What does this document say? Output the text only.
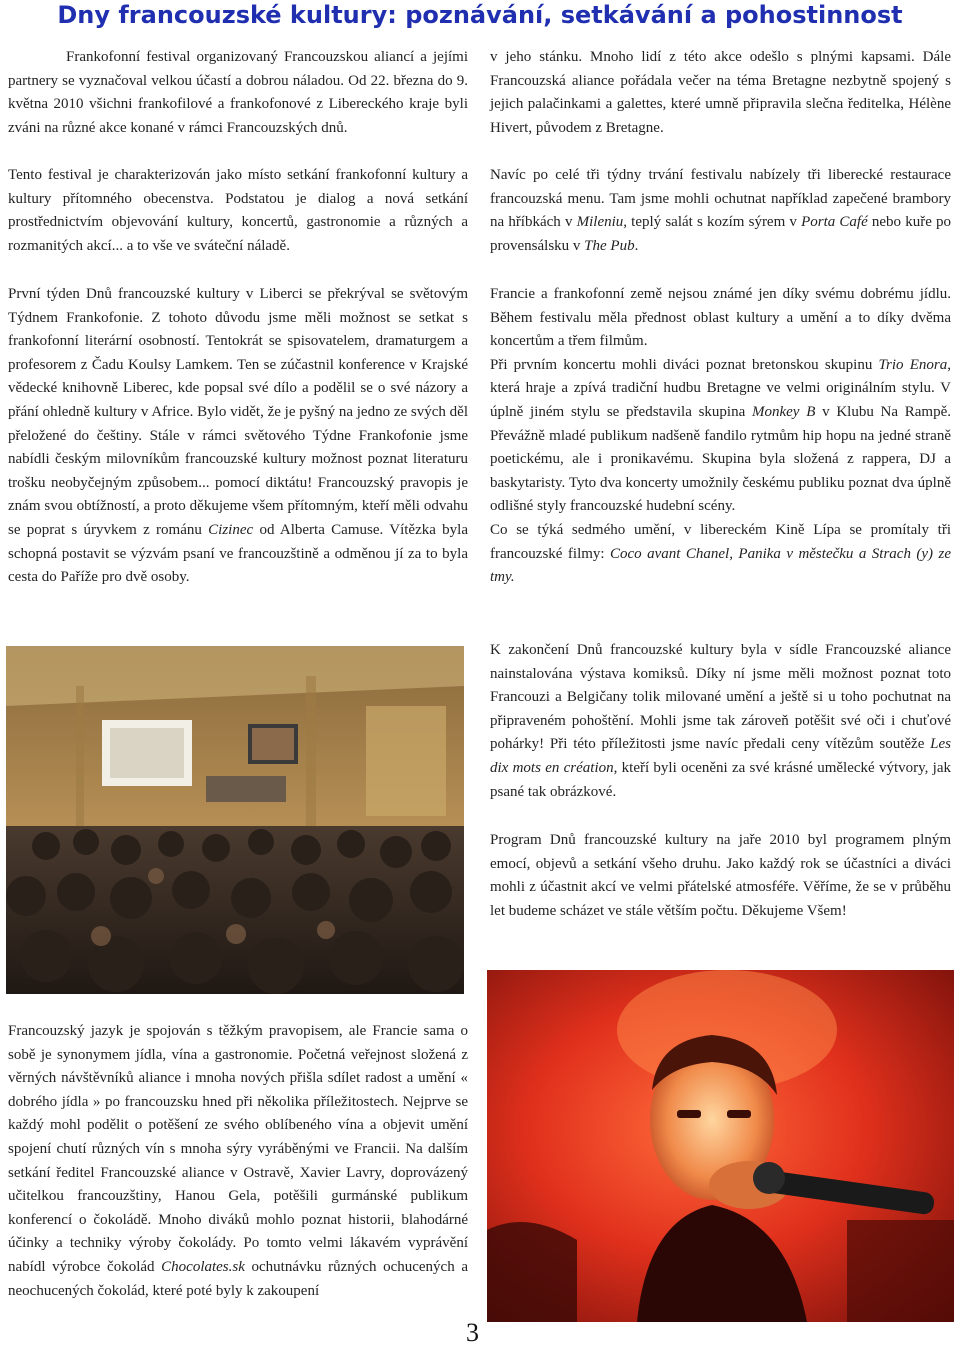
Dny francouzské kultury: poznávání, setkávání a pohostinnost

Frankofonní festival organizovaný Francouzskou aliancí a jejími partnery se vyznačoval velkou účastí a dobrou náladou. Od 22. března do 9. května 2010 všichni frankofilové a frankofonové z Libereckého kraje byli zváni na různé akce konané v rámci Francouzských dnů.

Tento festival je charakterizován jako místo setkání frankofonní kultury a kultury přítomného obecenstva. Podstatou je dialog a nová setkání prostřednictvím objevování kultury, koncertů, gastronomie a různých a rozmanitých akcí... a to vše ve sváteční náladě.

První týden Dnů francouzské kultury v Liberci se překrýval se světovým Týdnem Frankofonie. Z tohoto důvodu jsme měli možnost se setkat s frankofonní literární osobností. Tentokrát se spisovatelem, dramaturgem a profesorem z Čadu Koulsy Lamkem. Ten se zúčastnil konference v Krajské vědecké knihovně Liberec, kde popsal své dílo a podělil se o své názory a přání ohledně kultury v Africe. Bylo vidět, že je pyšný na jedno ze svých děl přeložené do češtiny. Stále v rámci světového Týdne Frankofonie jsme nabídli českým milovníkům francouzské kultury možnost poznat literaturu trošku neobyčejným způsobem... pomocí diktátu! Francouzský pravopis je znám svou obtížností, a proto děkujeme všem přítomným, kteří měli odvahu se poprat s úryvkem z románu Cizinec od Alberta Camuse. Vítězka byla schopná postavit se výzvám psaní ve francouzštině a odměnou jí za to byla cesta do Paříže pro dvě osoby.

Francouzský jazyk je spojován s těžkým pravopisem, ale Francie sama o sobě je synonymem jídla, vína a gastronomie. Početná veřejnost složená z věrných návštěvníků aliance i mnoha nových přišla sdílet radost a umění « dobrého jídla » po francouzsku hned při několika příležitostech. Nejprve se každý mohl podělit o potěšení ze svého oblíbeného vína a objevit umění spojení chutí různých vín s mnoha sýry vyráběnými ve Francii. Na dalším setkání ředitel Francouzské aliance v Ostravě, Xavier Lavry, doprovázený učitelkou francouzštiny, Hanou Gela, potěšili gurmánské publikum konferencí o čokoládě. Mnoho diváků mohlo poznat historii, blahodárné účinky a techniky výroby čokolády. Po tomto velmi lákavém vyprávění nabídl výrobce čokolád Chocolates.sk ochutnávku různých ochucených a neochucených čokolád, které poté byly k zakoupení

v jeho stánku. Mnoho lidí z této akce odešlo s plnými kapsami. Dále Francouzská aliance pořádala večer na téma Bretagne nezbytně spojený s jejich palačinkami a galettes, které umně připravila slečna ředitelka, Hélène Hivert, původem z Bretagne.

Navíc po celé tři týdny trvání festivalu nabízely tři liberecké restaurace francouzská menu. Tam jsme mohli ochutnat například zapečené brambory na hříbkách v Mileniu, teplý salát s kozím sýrem v Porta Café nebo kuře po provensálsku v The Pub.

Francie a frankofonní země nejsou známé jen díky svému dobrému jídlu. Během festivalu měla přednost oblast kultury a umění a to díky dvěma koncertům a třem filmům.
Při prvním koncertu mohli diváci poznat bretonskou skupinu Trio Enora, která hraje a zpívá tradiční hudbu Bretagne ve velmi originálním stylu. V úplně jiném stylu se představila skupina Monkey B v Klubu Na Rampě. Převážně mladé publikum nadšeně fandilo rytmům hip hopu na jedné straně poetickému, ale i pronikavému. Skupina byla složená z rappera, DJ a baskytaristy. Tyto dva koncerty umožnily českému publiku poznat dva úplně odlišné styly francouzské hudební scény.
Co se týká sedmého umění, v libereckém Kině Lípa se promítaly tři francouzské filmy: Coco avant Chanel, Panika v městečku a Strach (y) ze tmy.

K zakončení Dnů francouzské kultury byla v sídle Francouzské aliance nainstalována výstava komiksů. Díky ní jsme měli možnost poznat toto Francouzi a Belgičany tolik milované umění a ještě si u toho pochutnat na připraveném pohoštění. Mohli jsme tak zároveň potěšit své oči i chuťové pohárky! Při této příležitosti jsme navíc předali ceny vítězům soutěže Les dix mots en création, kteří byli oceněni za své krásné umělecké výtvory, jak psané tak obrázkové.

Program Dnů francouzské kultury na jaře 2010 byl programem plným emocí, objevů a setkání všeho druhu. Jako každý rok se účastníci a diváci mohli z účastnit akcí ve velmi přátelské atmosféře. Věříme, že se v průběhu let budeme scházet ve stále větším počtu. Děkujeme Všem!

3
